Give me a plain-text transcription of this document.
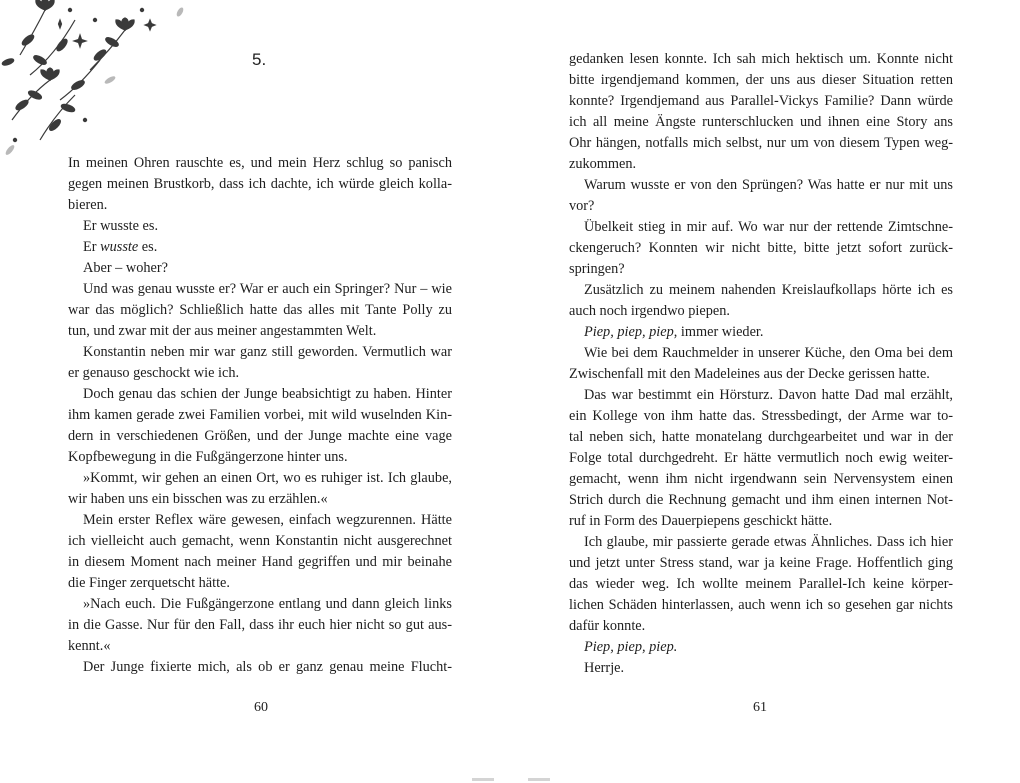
5.
In meinen Ohren rauschte es, und mein Herz schlug so panisch
gegen meinen Brustkorb, dass ich dachte, ich würde gleich kolla-
bieren.
Er wusste es.
Er wusste es.
Aber – woher?
Und was genau wusste er? War er auch ein Springer? Nur – wie
war das möglich? Schließlich hatte das alles mit Tante Polly zu
tun, und zwar mit der aus meiner angestammten Welt.
Konstantin neben mir war ganz still geworden. Vermutlich war
er genauso geschockt wie ich.
Doch genau das schien der Junge beabsichtigt zu haben. Hinter
ihm kamen gerade zwei Familien vorbei, mit wild wuselnden Kin-
dern in verschiedenen Größen, und der Junge machte eine vage
Kopfbewegung in die Fußgängerzone hinter uns.
»Kommt, wir gehen an einen Ort, wo es ruhiger ist. Ich glaube,
wir haben uns ein bisschen was zu erzählen.«
Mein erster Reflex wäre gewesen, einfach wegzurennen. Hätte
ich vielleicht auch gemacht, wenn Konstantin nicht ausgerechnet
in diesem Moment nach meiner Hand gegriffen und mir beinahe
die Finger zerquetscht hätte.
»Nach euch. Die Fußgängerzone entlang und dann gleich links
in die Gasse. Nur für den Fall, dass ihr euch hier nicht so gut aus-
kennt.«
Der Junge fixierte mich, als ob er ganz genau meine Flucht-
60
gedanken lesen konnte. Ich sah mich hektisch um. Konnte nicht
bitte irgendjemand kommen, der uns aus dieser Situation retten
konnte? Irgendjemand aus Parallel-Vickys Familie? Dann würde
ich all meine Ängste runterschlucken und ihnen eine Story ans
Ohr hängen, notfalls mich selbst, nur um von diesem Typen weg-
zukommen.
Warum wusste er von den Sprüngen? Was hatte er nur mit uns
vor?
Übelkeit stieg in mir auf. Wo war nur der rettende Zimtschne-
ckengeruch? Konnten wir nicht bitte, bitte jetzt sofort zurück-
springen?
Zusätzlich zu meinem nahenden Kreislaufkollaps hörte ich es
auch noch irgendwo piepen.
Piep, piep, piep, immer wieder.
Wie bei dem Rauchmelder in unserer Küche, den Oma bei dem
Zwischenfall mit den Madeleines aus der Decke gerissen hatte.
Das war bestimmt ein Hörsturz. Davon hatte Dad mal erzählt,
ein Kollege von ihm hatte das. Stressbedingt, der Arme war to-
tal neben sich, hatte monatelang durchgearbeitet und war in der
Folge total durchgedreht. Er hätte vermutlich noch ewig weiter-
gemacht, wenn ihm nicht irgendwann sein Nervensystem einen
Strich durch die Rechnung gemacht und ihm einen internen Not-
ruf in Form des Dauerpiepens geschickt hätte.
Ich glaube, mir passierte gerade etwas Ähnliches. Dass ich hier
und jetzt unter Stress stand, war ja keine Frage. Hoffentlich ging
das wieder weg. Ich wollte meinem Parallel-Ich keine körper-
lichen Schäden hinterlassen, auch wenn ich so gesehen gar nichts
dafür konnte.
Piep, piep, piep.
Herrje.
61
